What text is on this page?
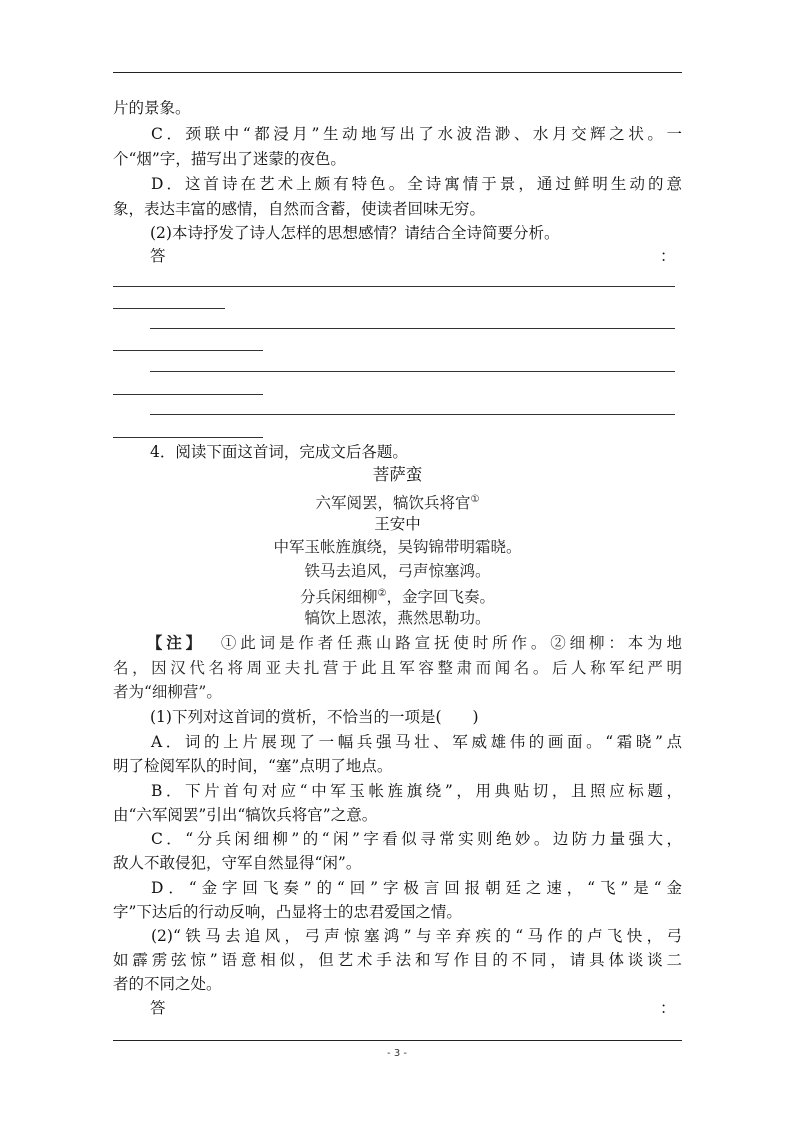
片的景象。
C．颈联中“都浸月”生动地写出了水波浩渺、水月交辉之状。一
个“烟”字，描写出了迷蒙的夜色。
D．这首诗在艺术上颇有特色。全诗寓情于景，通过鲜明生动的意
象，表达丰富的感情，自然而含蓄，使读者回味无穷。
(2)本诗抒发了诗人怎样的思想感情？请结合全诗简要分析。
答	：
4．阅读下面这首词，完成文后各题。
菩萨蛮
六军阅罢，犒饮兵将官①
王安中
中军玉帐旌旗绕，吴钩锦带明霜晓。
铁马去追风，弓声惊塞鸿。
分兵闲细柳②，金字回飞奏。
犒饮上恩浓，燕然思勒功。
【注】 ①此词是作者任燕山路宣抚使时所作。②细柳：本为地
名，因汉代名将周亚夫扎营于此且军容整肃而闻名。后人称军纪严明
者为“细柳营”。
(1)下列对这首词的赏析，不恰当的一项是(　　)
A．词的上片展现了一幅兵强马壮、军威雄伟的画面。“霜晓”点
明了检阅军队的时间，“塞”点明了地点。
B．下片首句对应“中军玉帐旌旗绕”，用典贴切，且照应标题，
由“六军阅罢”引出“犒饮兵将官”之意。
C．“分兵闲细柳”的“闲”字看似寻常实则绝妙。边防力量强大，
敌人不敢侵犯，守军自然显得“闲”。
D．“金字回飞奏”的“回”字极言回报朝廷之速，“飞”是“金
字”下达后的行动反响，凸显将士的忠君爱国之情。
(2)“铁马去追风，弓声惊塞鸿”与辛弃疾的“马作的卢飞快，弓
如霹雳弦惊”语意相似，但艺术手法和写作目的不同，请具体谈谈二
者的不同之处。
答	：
- 3 -
